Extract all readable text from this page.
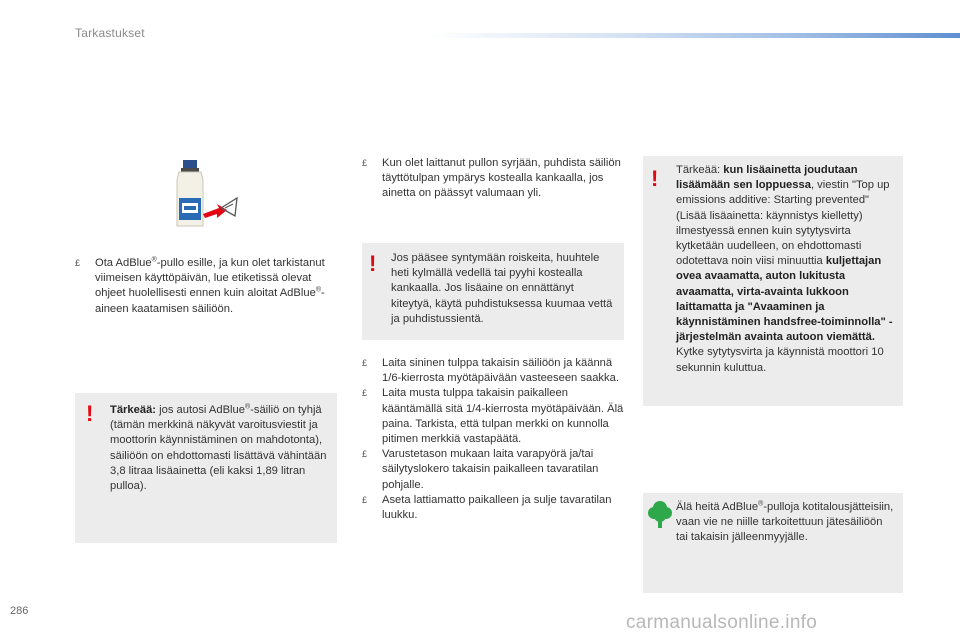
Tarkastukset
£ Ota AdBlue®-pullo esille, ja kun olet tarkistanut viimeisen käyttöpäivän, lue etiketissä olevat ohjeet huolellisesti ennen kuin aloitat AdBlue®-aineen kaatamisen säiliöön.
! Tärkeää: jos autosi AdBlue®-säiliö on tyhjä (tämän merkkinä näkyvät varoitusviestit ja moottorin käynnistäminen on mahdotonta), säiliöön on ehdottomasti lisättävä vähintään 3,8 litraa lisäainetta (eli kaksi 1,89 litran pulloa).
£ Kun olet laittanut pullon syrjään, puhdista säiliön täyttötulpan ympärys kostealla kankaalla, jos ainetta on päässyt valumaan yli.
! Jos pääsee syntymään roiskeita, huuhtele heti kylmällä vedellä tai pyyhi kostealla kankaalla. Jos lisäaine on ennättänyt kiteytyä, käytä puhdistuksessa kuumaa vettä ja puhdistussientä.
£ Laita sininen tulppa takaisin säiliöön ja käännä 1/6-kierrosta myötäpäivään vasteeseen saakka.
£ Laita musta tulppa takaisin paikalleen kääntämällä sitä 1/4-kierrosta myötäpäivään. Älä paina. Tarkista, että tulpan merkki on kunnolla pitimen merkkiä vastapäätä.
£ Varustetason mukaan laita varapyörä ja/tai säilytyslokero takaisin paikalleen tavaratilan pohjalle.
£ Aseta lattiamatto paikalleen ja sulje tavaratilan luukku.
! Tärkeää: kun lisäainetta joudutaan lisäämään sen loppuessa, viestin "Top up emissions additive: Starting prevented" (Lisää lisäainetta: käynnistys kielletty) ilmestyessä ennen kuin sytytysvirta kytketään uudelleen, on ehdottomasti odotettava noin viisi minuuttia kuljettajan ovea avaamatta, auton lukitusta avaamatta, virta-avainta lukkoon laittamatta ja "Avaaminen ja käynnistäminen handsfree-toiminnolla" -järjestelmän avainta autoon viemättä. Kytke sytytysvirta ja käynnistä moottori 10 sekunnin kuluttua.
Älä heitä AdBlue®-pulloja kotitalousjätteisiin, vaan vie ne niille tarkoitettuun jätesäiliöön tai takaisin jälleenmyyjälle.
286
carmanualsonline.info
